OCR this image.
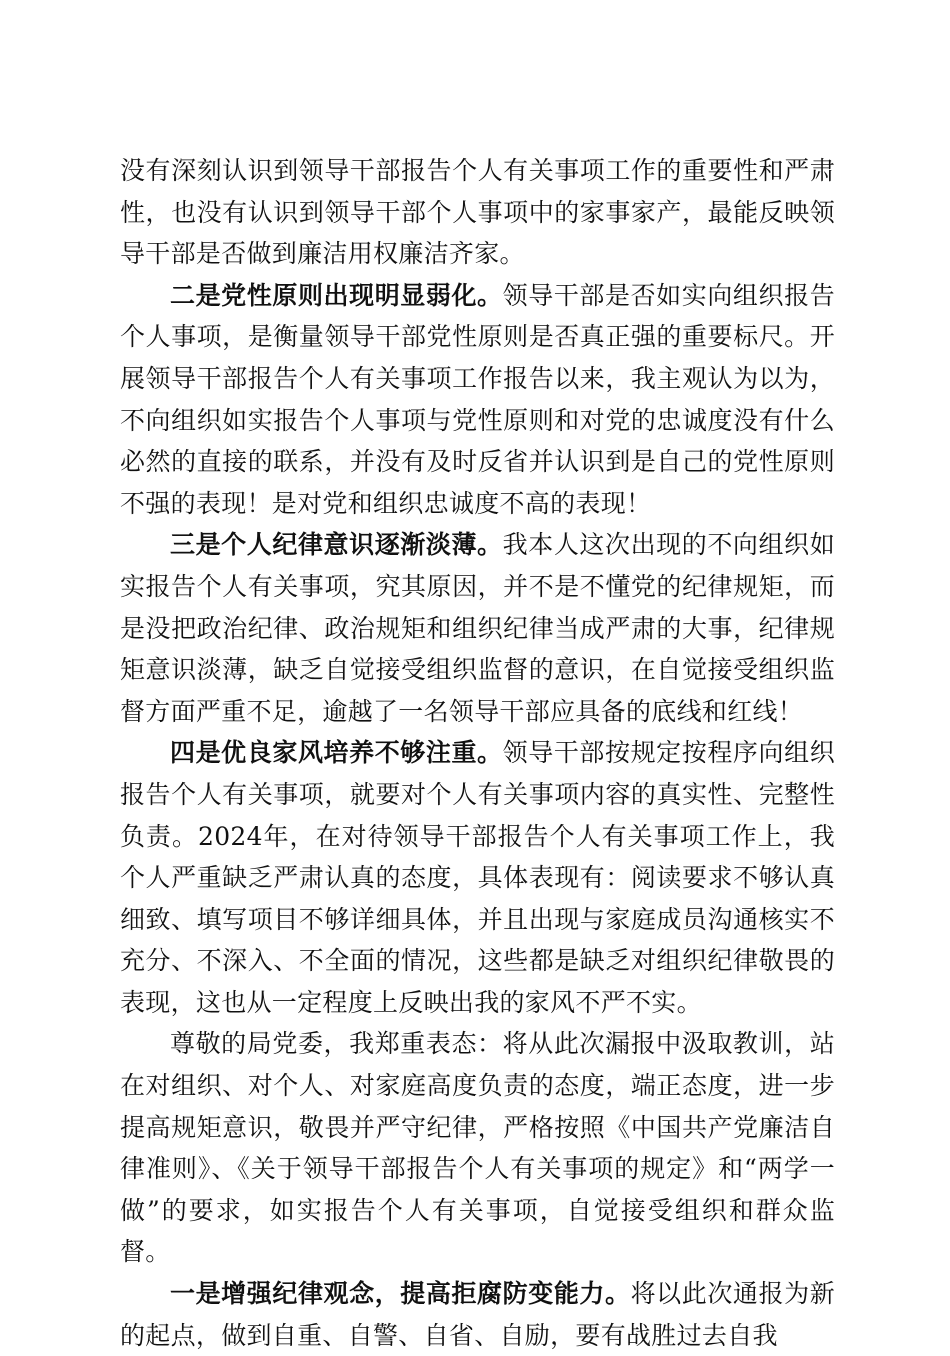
没有深刻认识到领导干部报告个人有关事项工作的重要性和严肃性，也没有认识到领导干部个人事项中的家事家产，最能反映领导干部是否做到廉洁用权廉洁齐家。

二是党性原则出现明显弱化。领导干部是否如实向组织报告个人事项，是衡量领导干部党性原则是否真正强的重要标尺。开展领导干部报告个人有关事项工作报告以来，我主观认为以为，不向组织如实报告个人事项与党性原则和对党的忠诚度没有什么必然的直接的联系，并没有及时反省并认识到是自己的党性原则不强的表现！是对党和组织忠诚度不高的表现！

三是个人纪律意识逐渐淡薄。我本人这次出现的不向组织如实报告个人有关事项，究其原因，并不是不懂党的纪律规矩，而是没把政治纪律、政治规矩和组织纪律当成严肃的大事，纪律规矩意识淡薄，缺乏自觉接受组织监督的意识，在自觉接受组织监督方面严重不足，逾越了一名领导干部应具备的底线和红线！

四是优良家风培养不够注重。领导干部按规定按程序向组织报告个人有关事项，就要对个人有关事项内容的真实性、完整性负责。2024年，在对待领导干部报告个人有关事项工作上，我个人严重缺乏严肃认真的态度，具体表现有：阅读要求不够认真细致、填写项目不够详细具体，并且出现与家庭成员沟通核实不充分、不深入、不全面的情况，这些都是缺乏对组织纪律敬畏的表现，这也从一定程度上反映出我的家风不严不实。

尊敬的局党委，我郑重表态：将从此次漏报中汲取教训，站在对组织、对个人、对家庭高度负责的态度，端正态度，进一步提高规矩意识，敬畏并严守纪律，严格按照《中国共产党廉洁自律准则》、《关于领导干部报告个人有关事项的规定》和“两学一做”的要求，如实报告个人有关事项，自觉接受组织和群众监督。

一是增强纪律观念，提高拒腐防变能力。将以此次通报为新的起点，做到自重、自警、自省、自励，要有战胜过去自我
